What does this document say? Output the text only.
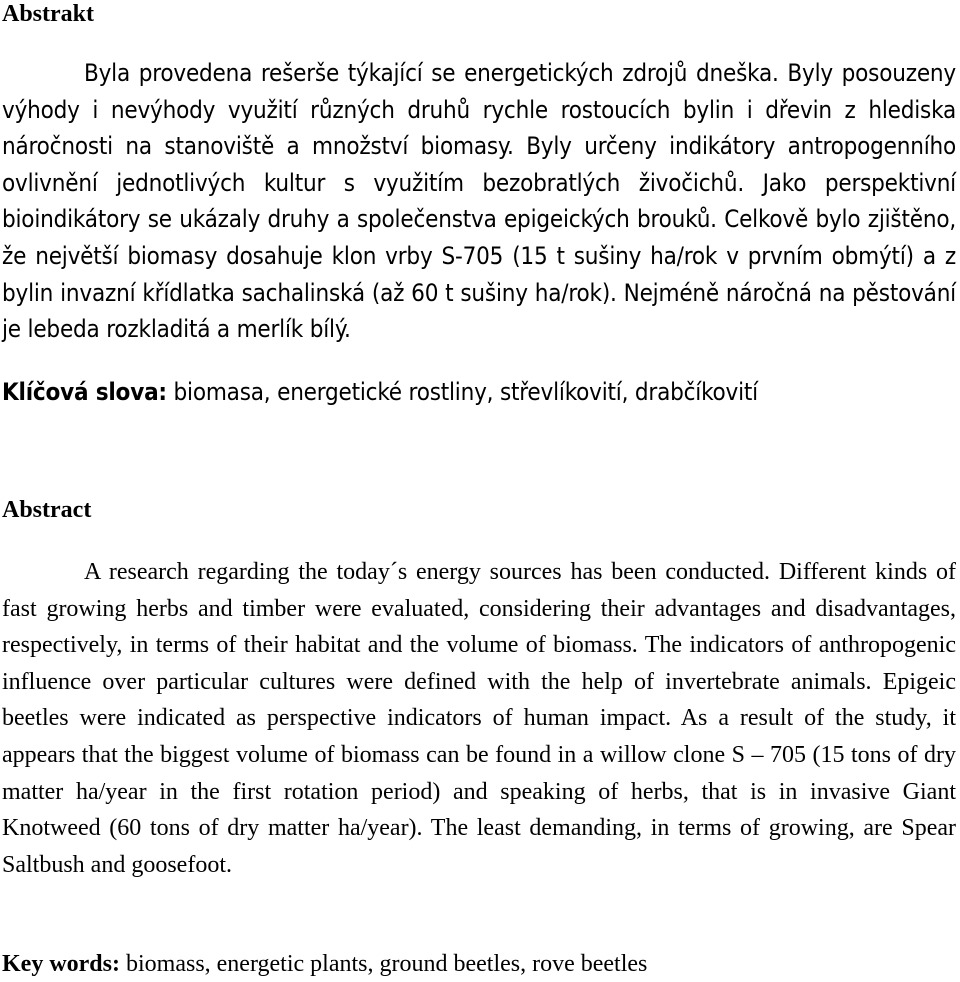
Abstrakt

Byla provedena rešerše týkající se energetických zdrojů dneška. Byly posouzeny výhody i nevýhody využití různých druhů rychle rostoucích bylin i dřevin z hlediska náročnosti na stanoviště a množství biomasy. Byly určeny indikátory antropogenního ovlivnění jednotlivých kultur s využitím bezobratlých živočichů. Jako perspektivní bioindikátory se ukázaly druhy a společenstva epigeických brouků. Celkově bylo zjištěno, že největší biomasy dosahuje klon vrby S-705 (15 t sušiny ha/rok v prvním obmýtí) a z bylin invazní křídlatka sachalinská (až 60 t sušiny ha/rok). Nejméně náročná na pěstování je lebeda rozkladitá a merlík bílý.

Klíčová slova: biomasa, energetické rostliny, střevlíkovití, drabčíkovití

Abstract

A research regarding the today´s energy sources has been conducted. Different kinds of fast growing herbs and timber were evaluated, considering their advantages and disadvantages, respectively, in terms of their habitat and the volume of biomass. The indicators of anthropogenic influence over particular cultures were defined with the help of invertebrate animals. Epigeic beetles were indicated as perspective indicators of human impact. As a result of the study, it appears that the biggest volume of biomass can be found in a willow clone S – 705 (15 tons of dry matter ha/year in the first rotation period) and speaking of herbs, that is in invasive Giant Knotweed (60 tons of dry matter ha/year). The least demanding, in terms of growing, are Spear Saltbush and goosefoot.

Key words: biomass, energetic plants, ground beetles, rove beetles
